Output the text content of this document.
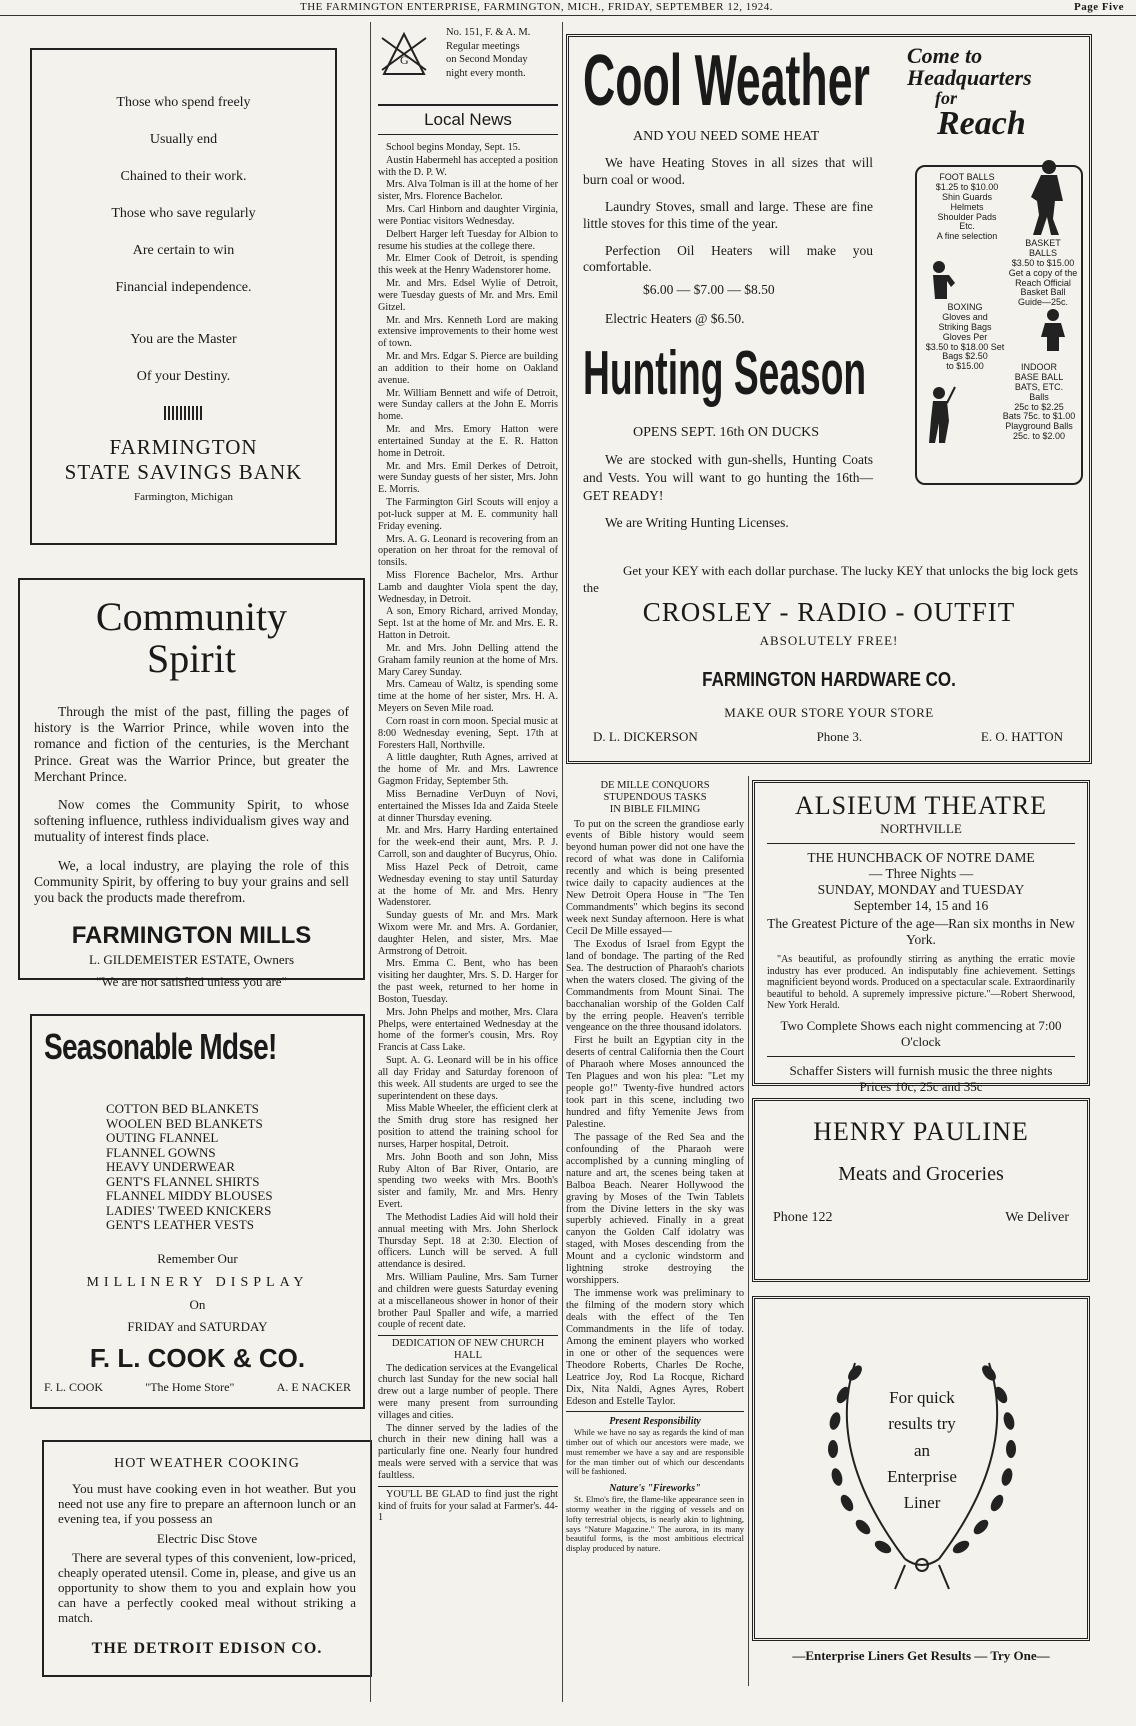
THE FARMINGTON ENTERPRISE, FARMINGTON, MICH., FRIDAY, SEPTEMBER 12, 1924.	Page Five

Those who spend freely

Usually end

Chained to their work.

Those who save regularly

Are certain to win

Financial independence.

You are the Master

Of your Destiny.

FARMINGTON
STATE SAVINGS BANK
Farmington, Michigan
Community
Spirit

Through the mist of the past, filling the pages of history is the Warrior Prince, while woven into the romance and fiction of the centuries, is the Merchant Prince. Great was the Warrior Prince, but greater the Merchant Prince.

Now comes the Community Spirit, to whose softening influence, ruthless individualism gives way and mutuality of interest finds place.

We, a local industry, are playing the role of this Community Spirit, by offering to buy your grains and sell you back the products made therefrom.

FARMINGTON MILLS
L. GILDEMEISTER ESTATE, Owners
"We are not satisfied unless you are"
Seasonable Mdse!
COTTON BED BLANKETS
WOOLEN BED BLANKETS
OUTING FLANNEL
FLANNEL GOWNS
HEAVY UNDERWEAR
GENT'S FLANNEL SHIRTS
FLANNEL MIDDY BLOUSES
LADIES' TWEED KNICKERS
GENT'S LEATHER VESTS
Remember Our
MILLINERY DISPLAY
On
FRIDAY and SATURDAY
F. L. COOK & CO.
F. L. COOK	"The Home Store"	A. E NACKER
HOT WEATHER COOKING

You must have cooking even in hot weather. But you need not use any fire to prepare an afternoon lunch or an evening tea, if you possess an

Electric Disc Stove

There are several types of this convenient, low-priced, cheaply operated utensil. Come in, please, and give us an opportunity to show them to you and explain how you can have a perfectly cooked meal without striking a match.

THE DETROIT EDISON CO.
G
No. 151, F. & A. M.
Regular meetings
on Second Monday
night every month.
Local News

School begins Monday, Sept. 15.

Austin Habermehl has accepted a position with the D. P. W.

Mrs. Alva Tolman is ill at the home of her sister, Mrs. Florence Bachelor.

Mrs. Carl Hinborn and daughter Virginia, were Pontiac visitors Wednesday.

Delbert Harger left Tuesday for Albion to resume his studies at the college there.

Mr. Elmer Cook of Detroit, is spending this week at the Henry Wadenstorer home.

Mr. and Mrs. Edsel Wylie of Detroit, were Tuesday guests of Mr. and Mrs. Emil Gitzel.

Mr. and Mrs. Kenneth Lord are making extensive improvements to their home west of town.

Mr. and Mrs. Edgar S. Pierce are building an addition to their home on Oakland avenue.

Mr. William Bennett and wife of Detroit, were Sunday callers at the John E. Morris home.

Mr. and Mrs. Emory Hatton were entertained Sunday at the E. R. Hatton home in Detroit.

Mr. and Mrs. Emil Derkes of Detroit, were Sunday guests of her sister, Mrs. John E. Morris.

The Farmington Girl Scouts will enjoy a pot-luck supper at M. E. community hall Friday evening.

Mrs. A. G. Leonard is recovering from an operation on her throat for the removal of tonsils.

Miss Florence Bachelor, Mrs. Arthur Lamb and daughter Viola spent the day, Wednesday, in Detroit.

A son, Emory Richard, arrived Monday, Sept. 1st at the home of Mr. and Mrs. E. R. Hatton in Detroit.

Mr. and Mrs. John Delling attend the Graham family reunion at the home of Mrs. Mary Carey Sunday.

Mrs. Cameau of Waltz, is spending some time at the home of her sister, Mrs. H. A. Meyers on Seven Mile road.

Corn roast in corn moon. Special music at 8:00 Wednesday evening, Sept. 17th at Foresters Hall, Northville.

A little daughter, Ruth Agnes, arrived at the home of Mr. and Mrs. Lawrence Gagmon Friday, September 5th.

Miss Bernadine VerDuyn of Novi, entertained the Misses Ida and Zaida Steele at dinner Thursday evening.

Mr. and Mrs. Harry Harding entertained for the week-end their aunt, Mrs. P. J. Carroll, son and daughter of Bucyrus, Ohio.

Miss Hazel Peck of Detroit, came Wednesday evening to stay until Saturday at the home of Mr. and Mrs. Henry Wadenstorer.

Sunday guests of Mr. and Mrs. Mark Wixom were Mr. and Mrs. A. Gordanier, daughter Helen, and sister, Mrs. Mae Armstrong of Detroit.

Mrs. Emma C. Bent, who has been visiting her daughter, Mrs. S. D. Harger for the past week, returned to her home in Boston, Tuesday.

Mrs. John Phelps and mother, Mrs. Clara Phelps, were entertained Wednesday at the home of the former's cousin, Mrs. Roy Francis at Cass Lake.

Supt. A. G. Leonard will be in his office all day Friday and Saturday forenoon of this week. All students are urged to see the superintendent on these days.

Miss Mable Wheeler, the efficient clerk at the Smith drug store has resigned her position to attend the training school for nurses, Harper hospital, Detroit.

Mrs. John Booth and son John, Miss Ruby Alton of Bar River, Ontario, are spending two weeks with Mrs. Booth's sister and family, Mr. and Mrs. Henry Evert.

The Methodist Ladies Aid will hold their annual meeting with Mrs. John Sherlock Thursday Sept. 18 at 2:30. Election of officers. Lunch will be served. A full attendance is desired.

Mrs. William Pauline, Mrs. Sam Turner and children were guests Saturday evening at a miscellaneous shower in honor of their brother Paul Spaller and wife, a married couple of recent date.

DEDICATION OF NEW CHURCH HALL

The dedication services at the Evangelical church last Sunday for the new social hall drew out a large number of people. There were many present from surrounding villages and cities.

The dinner served by the ladies of the church in their new dining hall was a particularly fine one. Nearly four hundred meals were served with a service that was faultless.

YOU'LL BE GLAD to find just the right kind of fruits for your salad at Farmer's. 44-1

Cool Weather
AND YOU NEED SOME HEAT

We have Heating Stoves in all sizes that will burn coal or wood.

Laundry Stoves, small and large. These are fine little stoves for this time of the year.

Perfection Oil Heaters will make you comfortable.

$6.00 — $7.00 — $8.50
Electric Heaters @ $6.50.
Come to
Headquarters
for
Reach
FOOT BALLS
$1.25 to $10.00
Shin Guards
Helmets
Shoulder Pads
Etc.
A fine selection
BASKET
BALLS
$3.50 to $15.00
Get a copy of the
Reach Official
Basket Ball
Guide—25c.
BOXING
Gloves and
Striking Bags
Gloves Per
$3.50 to $18.00 Set
Bags $2.50
to $15.00	INDOOR
BASE BALL
BATS, ETC.
Balls
25c to $2.25
Bats 75c. to $1.00
Playground Balls
25c. to $2.00
Hunting Season
OPENS SEPT. 16th ON DUCKS

We are stocked with gun-shells, Hunting Coats and Vests. You will want to go hunting the 16th—GET READY!

We are Writing Hunting Licenses.

Get your KEY with each dollar purchase. The lucky KEY that unlocks the big lock gets the
CROSLEY - RADIO - OUTFIT
ABSOLUTELY FREE!
FARMINGTON HARDWARE CO.
MAKE OUR STORE YOUR STORE
D. L. DICKERSON	Phone 3.	E. O. HATTON
DE MILLE CONQUORS
STUPENDOUS TASKS
IN BIBLE FILMING

To put on the screen the grandiose early events of Bible history would seem beyond human power did not one have the record of what was done in California recently and which is being presented twice daily to capacity audiences at the New Detroit Opera House in "The Ten Commandments" which begins its second week next Sunday afternoon. Here is what Cecil De Mille essayed—

The Exodus of Israel from Egypt the land of bondage. The parting of the Red Sea. The destruction of Pharaoh's chariots when the waters closed. The giving of the Commandments from Mount Sinai. The bacchanalian worship of the Golden Calf by the erring people. Heaven's terrible vengeance on the three thousand idolators.

First he built an Egyptian city in the deserts of central California then the Court of Pharaoh where Moses announced the Ten Plagues and won his plea: "Let my people go!" Twenty-five hundred actors took part in this scene, including two hundred and fifty Yemenite Jews from Palestine.

The passage of the Red Sea and the confounding of the Pharaoh were accomplished by a cunning mingling of nature and art, the scenes being taken at Balboa Beach. Nearer Hollywood the graving by Moses of the Twin Tablets from the Divine letters in the sky was superbly achieved. Finally in a great canyon the Golden Calf idolatry was staged, with Moses descending from the Mount and a cyclonic windstorm and lightning stroke destroying the worshippers.

The immense work was preliminary to the filming of the modern story which deals with the effect of the Ten Commandments in the life of today. Among the eminent players who worked in one or other of the sequences were Theodore Roberts, Charles De Roche, Leatrice Joy, Rod La Rocque, Richard Dix, Nita Naldi, Agnes Ayres, Robert Edeson and Estelle Taylor.

Present Responsibility

While we have no say as regards the kind of man timber out of which our ancestors were made, we must remember we have a say and are responsible for the man timber out of which our descendants will be fashioned.

Nature's "Fireworks"

St. Elmo's fire, the flame-like appearance seen in stormy weather in the rigging of vessels and on lofty terrestrial objects, is nearly akin to lightning, says "Nature Magazine." The aurora, in its many beautiful forms, is the most ambitious electrical display produced by nature.

ALSIEUM THEATRE
NORTHVILLE
THE HUNCHBACK OF NOTRE DAME
— Three Nights —
SUNDAY, MONDAY and TUESDAY
September 14, 15 and 16
The Greatest Picture of the age—Ran six months in New York.

"As beautiful, as profoundly stirring as anything the erratic movie industry has ever produced. An indisputably fine achievement. Settings magnificient beyond words. Produced on a spectacular scale. Extraordinarily beautiful to behold. A supremely impressive picture."—Robert Sherwood, New York Herald.

Two Complete Shows each night commencing at 7:00 O'clock
Schaffer Sisters will furnish music the three nights
Prices 10c, 25c and 35c
HENRY PAULINE
Meats and Groceries
Phone 122	We Deliver
For quick
results try
an
Enterprise
Liner
—Enterprise Liners Get Results — Try One—
